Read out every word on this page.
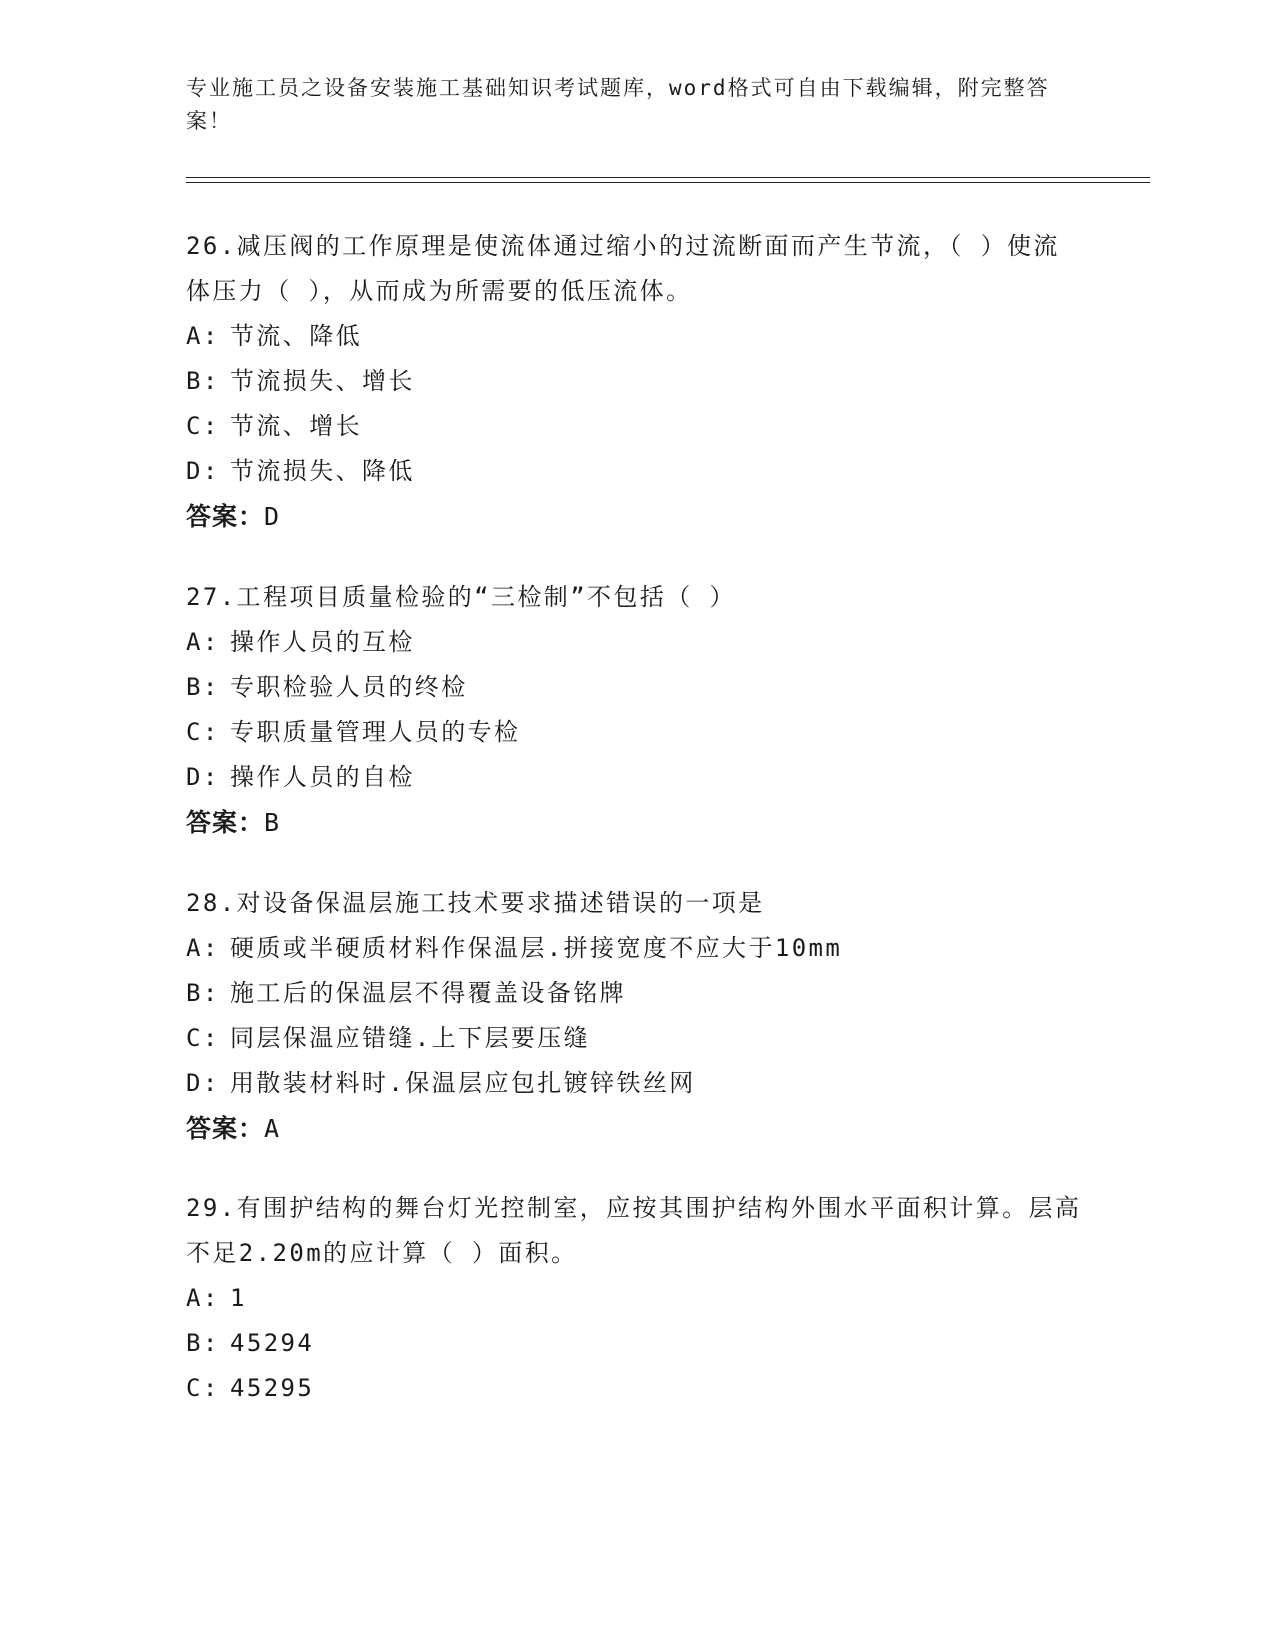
专业施工员之设备安装施工基础知识考试题库，word格式可自由下载编辑，附完整答案！

26.减压阀的工作原理是使流体通过缩小的过流断面而产生节流，（ ）使流体压力（ ），从而成为所需要的低压流体。

A: 节流、降低
B: 节流损失、增长
C: 节流、增长
D: 节流损失、降低
答案：D

27.工程项目质量检验的“三检制”不包括（ ）

A: 操作人员的互检
B: 专职检验人员的终检
C: 专职质量管理人员的专检
D: 操作人员的自检
答案：B

28.对设备保温层施工技术要求描述错误的一项是

A: 硬质或半硬质材料作保温层.拼接宽度不应大于10mm
B: 施工后的保温层不得覆盖设备铭牌
C: 同层保温应错缝.上下层要压缝
D: 用散装材料时.保温层应包扎镀锌铁丝网
答案：A

29.有围护结构的舞台灯光控制室，应按其围护结构外围水平面积计算。层高不足2.20m的应计算（ ）面积。

A: 1
B: 45294
C: 45295
